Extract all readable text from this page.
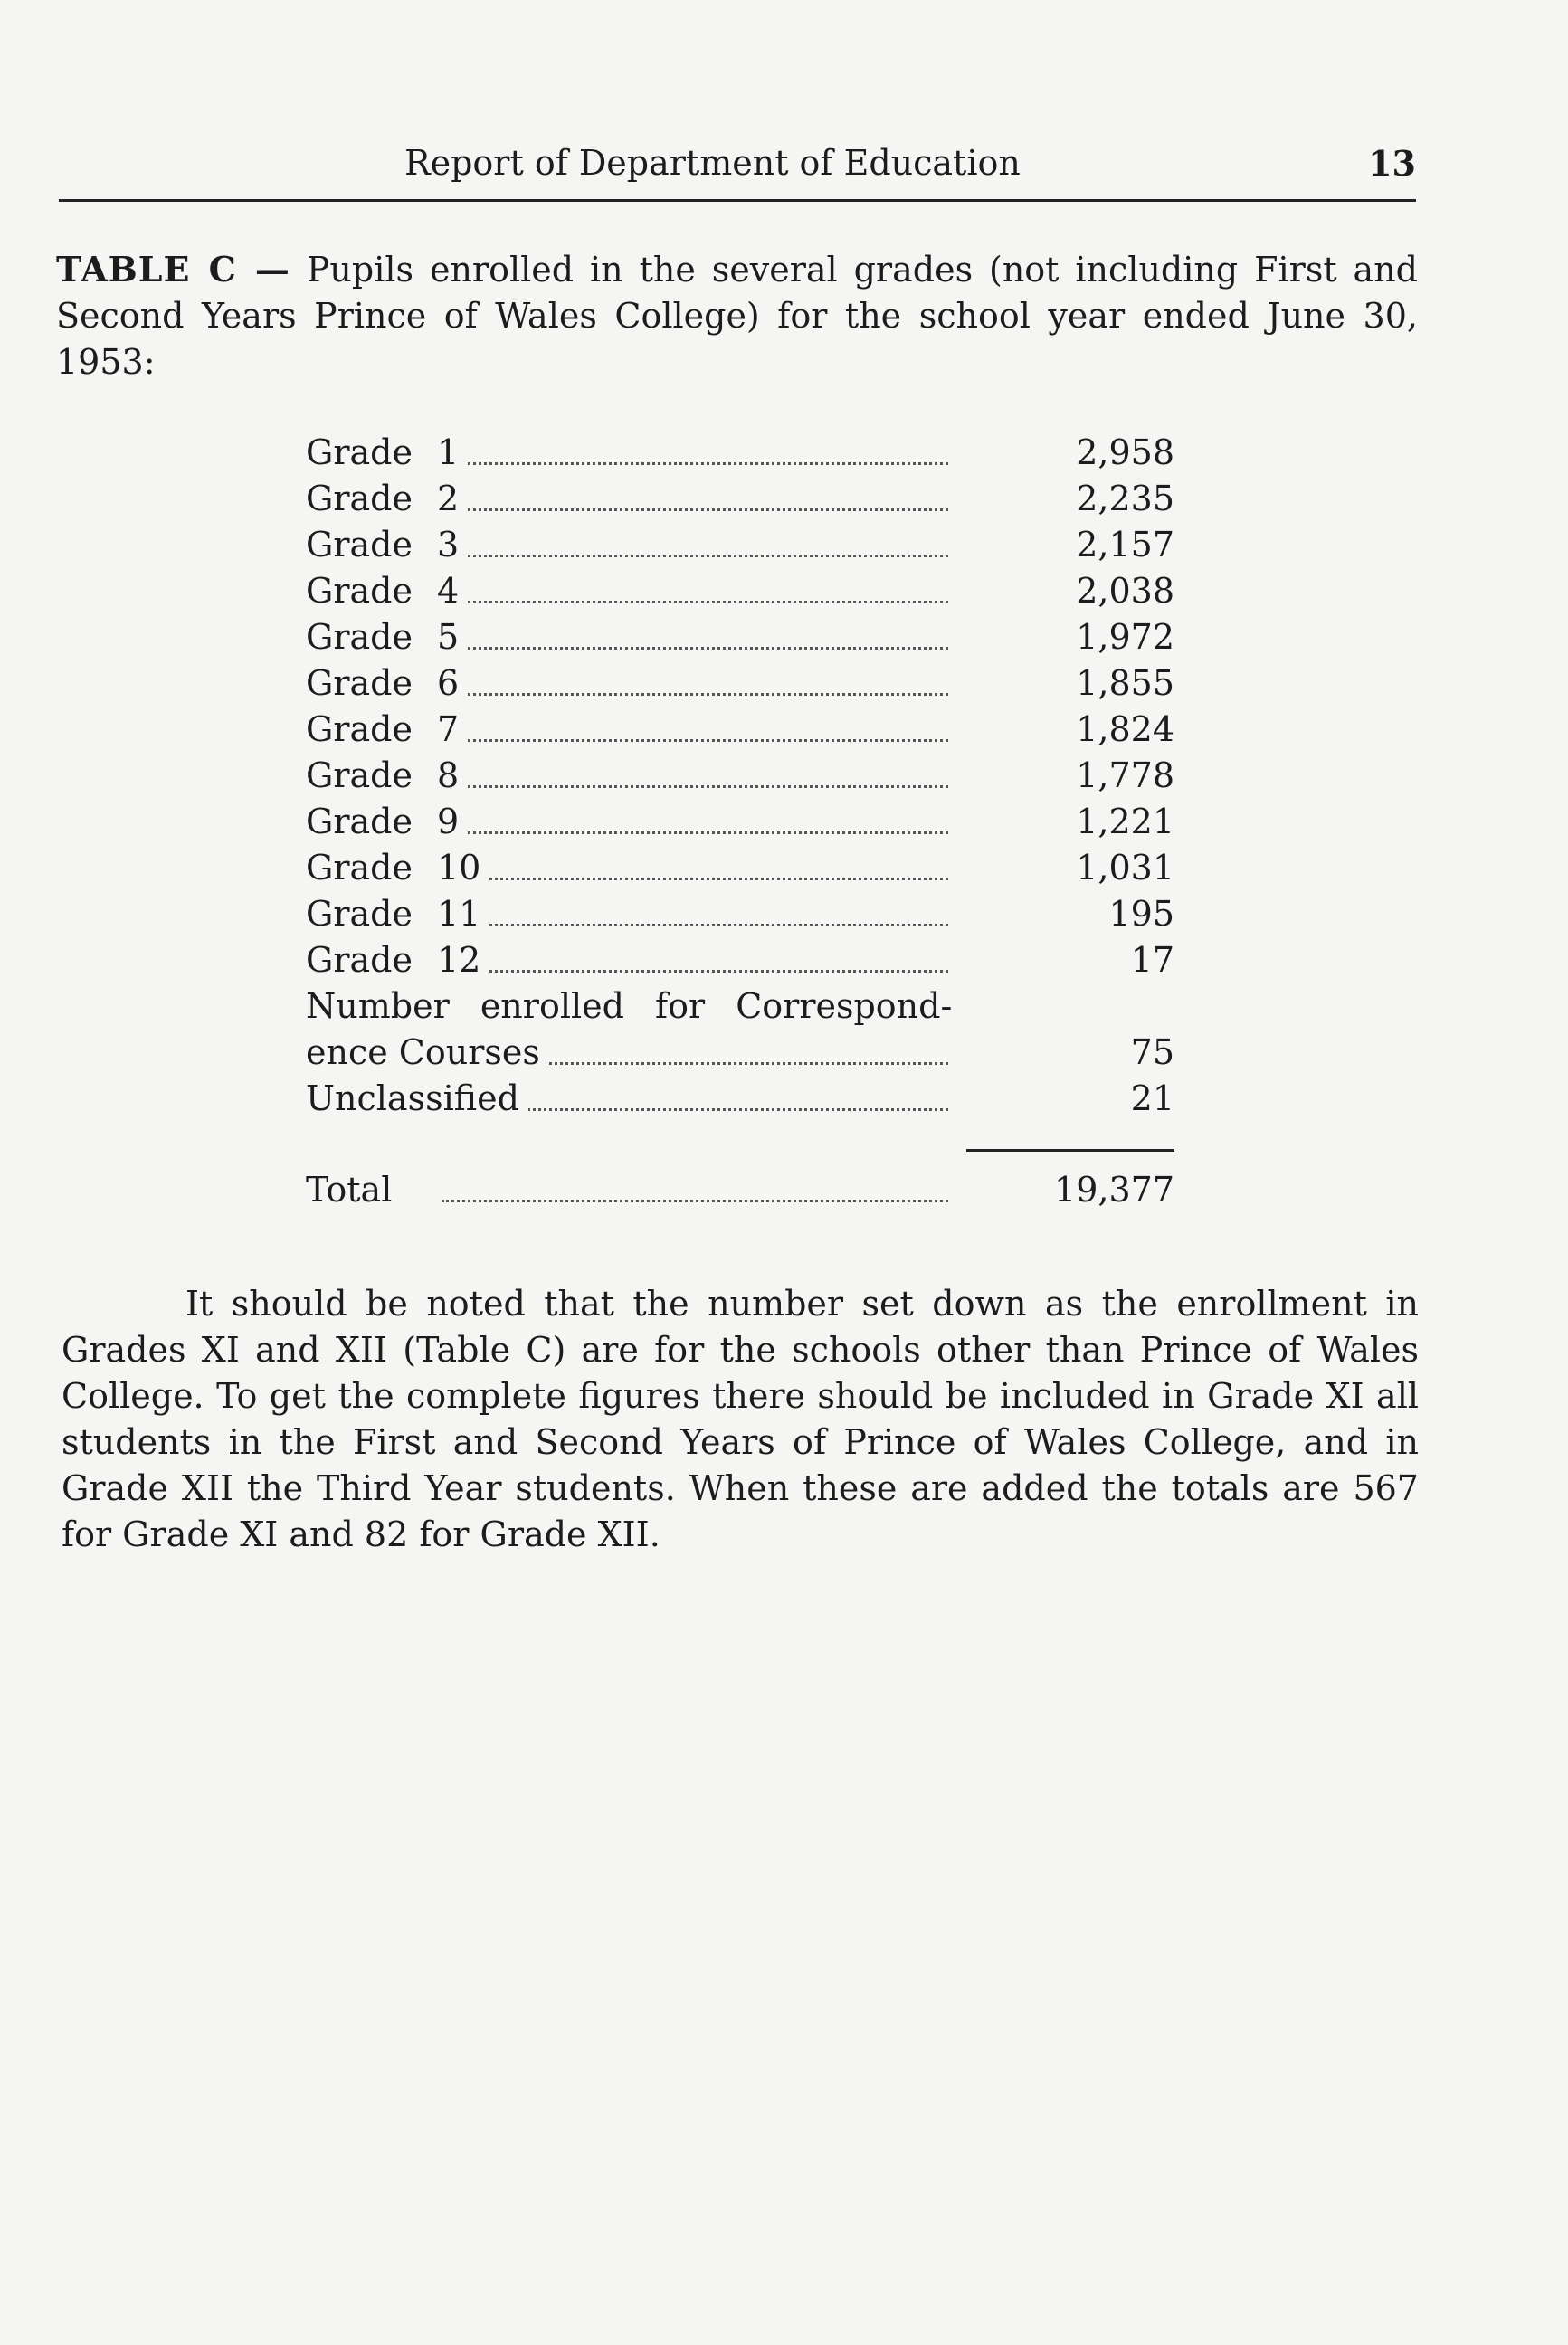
Report of Department of Education	13
TABLE C — Pupils enrolled in the several grades (not including First and Second Years Prince of Wales College) for the school year ended June 30, 1953:
Grade 1	2,958
Grade 2	2,235
Grade 3	2,157
Grade 4	2,038
Grade 5	1,972
Grade 6	1,855
Grade 7	1,824
Grade 8	1,778
Grade 9	1,221
Grade 10	1,031
Grade 11	195
Grade 12	17
Number enrolled for Correspond-
ence Courses	75
Unclassified	21
Total	19,377

It should be noted that the number set down as the enrollment in Grades XI and XII (Table C) are for the schools other than Prince of Wales College. To get the complete figures there should be included in Grade XI all students in the First and Second Years of Prince of Wales College, and in Grade XII the Third Year students. When these are added the totals are 567 for Grade XI and 82 for Grade XII.
